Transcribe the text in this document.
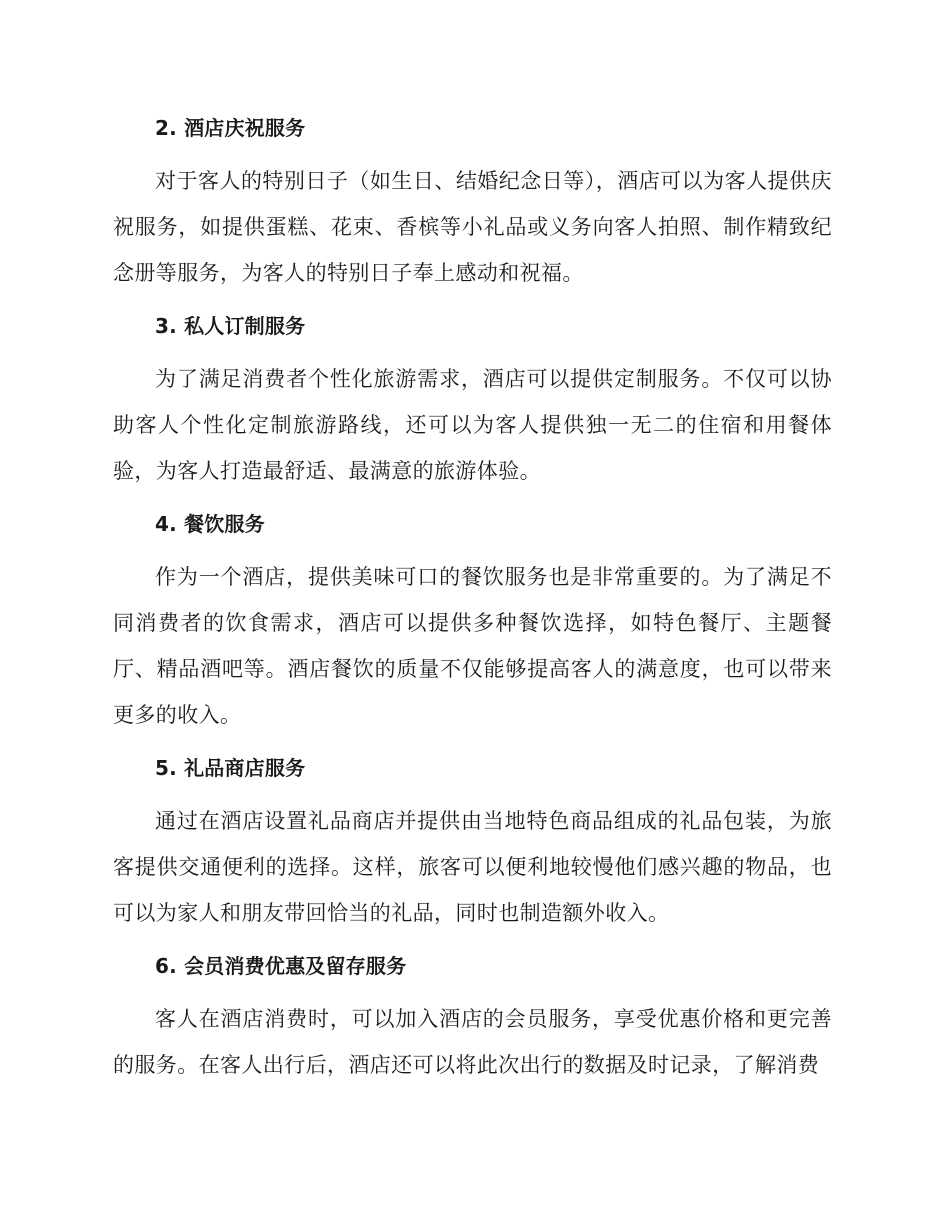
2. 酒店庆祝服务

对于客人的特别日子（如生日、结婚纪念日等），酒店可以为客人提供庆祝服务，如提供蛋糕、花束、香槟等小礼品或义务向客人拍照、制作精致纪念册等服务，为客人的特别日子奉上感动和祝福。

3. 私人订制服务

为了满足消费者个性化旅游需求，酒店可以提供定制服务。不仅可以协助客人个性化定制旅游路线，还可以为客人提供独一无二的住宿和用餐体验，为客人打造最舒适、最满意的旅游体验。

4. 餐饮服务

作为一个酒店，提供美味可口的餐饮服务也是非常重要的。为了满足不同消费者的饮食需求，酒店可以提供多种餐饮选择，如特色餐厅、主题餐厅、精品酒吧等。酒店餐饮的质量不仅能够提高客人的满意度，也可以带来更多的收入。

5. 礼品商店服务

通过在酒店设置礼品商店并提供由当地特色商品组成的礼品包装，为旅客提供交通便利的选择。这样，旅客可以便利地较慢他们感兴趣的物品，也可以为家人和朋友带回恰当的礼品，同时也制造额外收入。

6. 会员消费优惠及留存服务

客人在酒店消费时，可以加入酒店的会员服务，享受优惠价格和更完善的服务。在客人出行后，酒店还可以将此次出行的数据及时记录，了解消费
